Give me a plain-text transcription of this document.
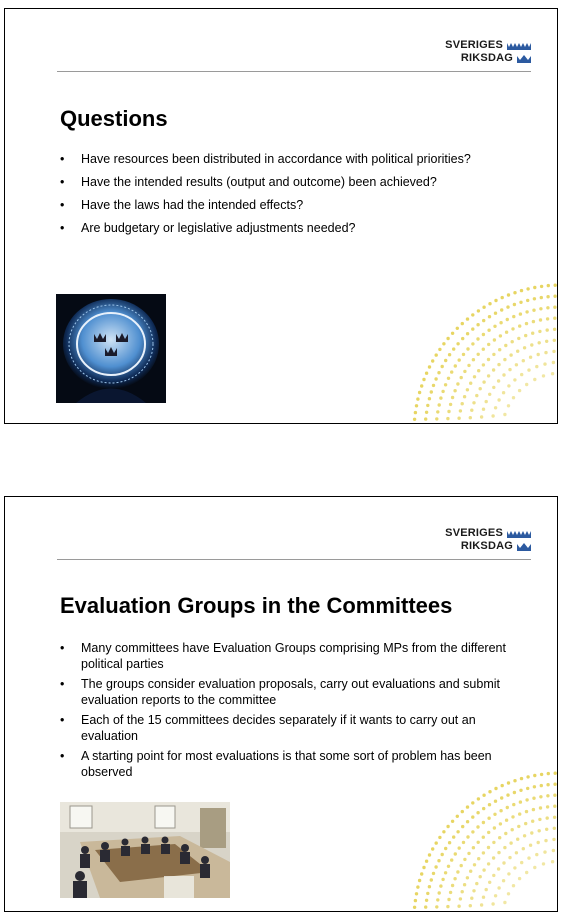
SVERIGES
RIKSDAG
Questions
• Have resources been distributed in accordance with political priorities?
• Have the intended results (output and outcome) been achieved?
• Have the laws had the intended effects?
• Are budgetary or legislative adjustments needed?
SVERIGES
RIKSDAG
Evaluation Groups in the Committees
• Many committees have Evaluation Groups comprising MPs from the different political parties
• The groups consider evaluation proposals, carry out evaluations and submit evaluation reports to the committee
• Each of the 15 committees decides separately if it wants to carry out an evaluation
• A starting point for most evaluations is that some sort of problem has been observed
